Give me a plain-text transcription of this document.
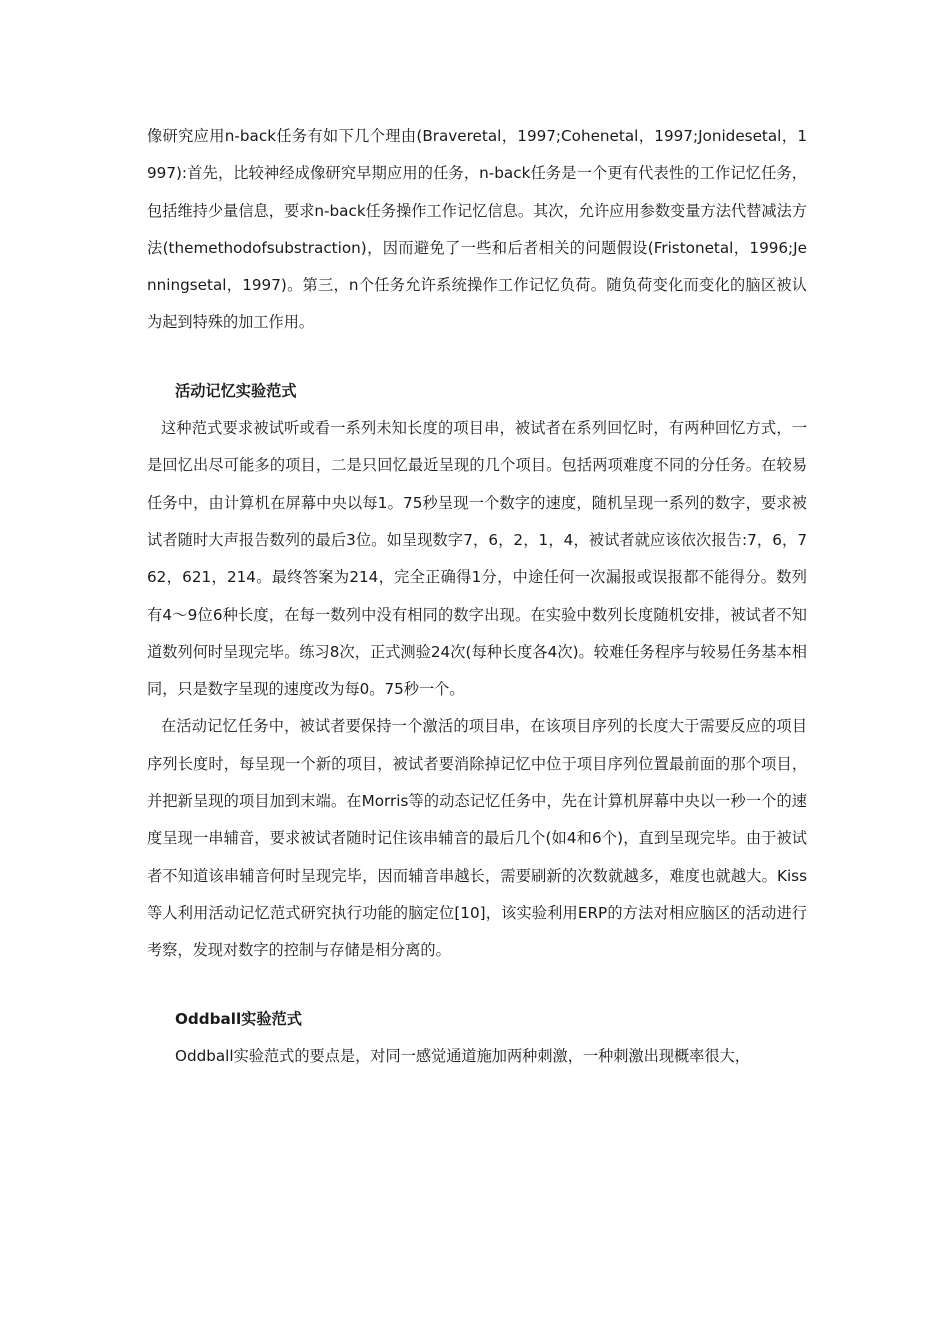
像研究应用n-back任务有如下几个理由(Braveretal，1997;Cohenetal，1997;Jonidesetal，1997):首先，比较神经成像研究早期应用的任务，n-back任务是一个更有代表性的工作记忆任务，包括维持少量信息，要求n-back任务操作工作记忆信息。其次，允许应用参数变量方法代替减法方法(themethodofsubstraction)，因而避免了一些和后者相关的问题假设(Fristonetal，1996;Jenningsetal，1997)。第三，n个任务允许系统操作工作记忆负荷。随负荷变化而变化的脑区被认为起到特殊的加工作用。

活动记忆实验范式

这种范式要求被试听或看一系列未知长度的项目串，被试者在系列回忆时，有两种回忆方式，一是回忆出尽可能多的项目，二是只回忆最近呈现的几个项目。包括两项难度不同的分任务。在较易任务中，由计算机在屏幕中央以每1。75秒呈现一个数字的速度，随机呈现一系列的数字，要求被试者随时大声报告数列的最后3位。如呈现数字7，6，2，1，4，被试者就应该依次报告:7，6，762，621，214。最终答案为214，完全正确得1分，中途任何一次漏报或误报都不能得分。数列有4～9位6种长度，在每一数列中没有相同的数字出现。在实验中数列长度随机安排，被试者不知道数列何时呈现完毕。练习8次，正式测验24次(每种长度各4次)。较难任务程序与较易任务基本相同，只是数字呈现的速度改为每0。75秒一个。

在活动记忆任务中，被试者要保持一个激活的项目串，在该项目序列的长度大于需要反应的项目序列长度时，每呈现一个新的项目，被试者要消除掉记忆中位于项目序列位置最前面的那个项目，并把新呈现的项目加到末端。在Morris等的动态记忆任务中，先在计算机屏幕中央以一秒一个的速度呈现一串辅音，要求被试者随时记住该串辅音的最后几个(如4和6个)，直到呈现完毕。由于被试者不知道该串辅音何时呈现完毕，因而辅音串越长，需要刷新的次数就越多，难度也就越大。Kiss等人利用活动记忆范式研究执行功能的脑定位[10]，该实验利用ERP的方法对相应脑区的活动进行考察，发现对数字的控制与存储是相分离的。

Oddball实验范式

Oddball实验范式的要点是，对同一感觉通道施加两种刺激，一种刺激出现概率很大，
